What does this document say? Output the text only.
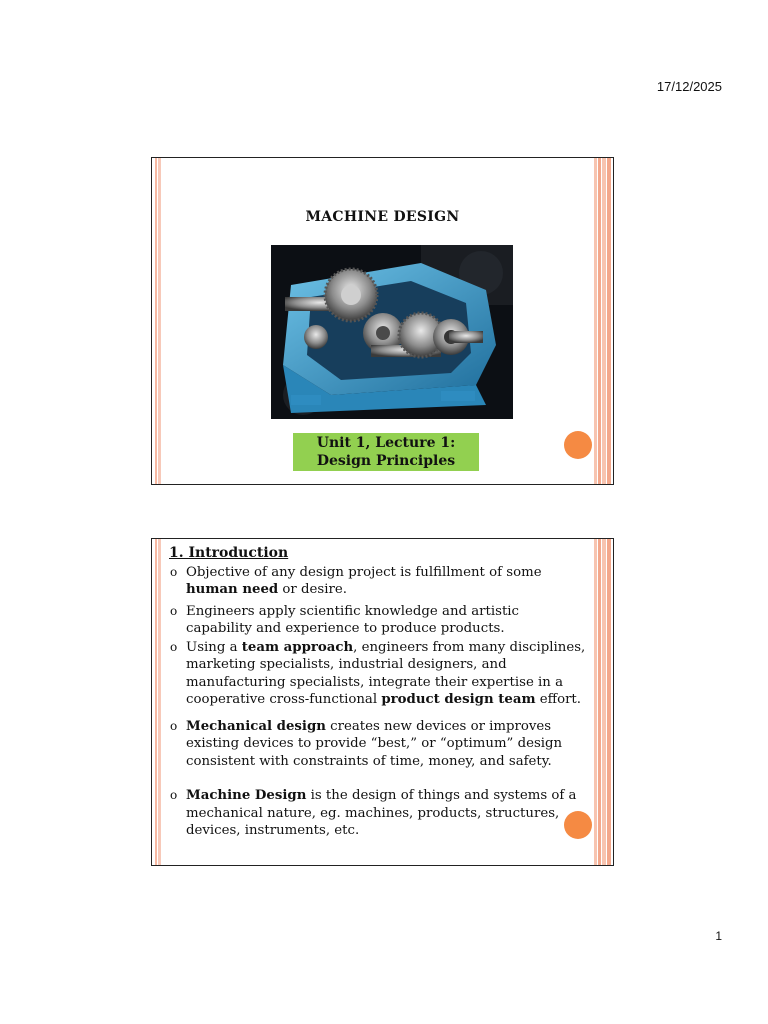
17/12/2025
MACHINE DESIGN
Unit 1, Lecture 1:
Design Principles
1. Introduction
o Objective of any design project is fulfillment of some human need or desire.
o Engineers apply scientific knowledge and artistic capability and experience to produce products.
o Using a team approach, engineers from many disciplines, marketing specialists, industrial designers, and manufacturing specialists, integrate their expertise in a cooperative cross-functional product design team effort.
o Mechanical design creates new devices or improves existing devices to provide “best,” or “optimum” design consistent with constraints of time, money, and safety.
o Machine Design is the design of things and systems of a mechanical nature, eg. machines, products, structures, devices, instruments, etc.
1
